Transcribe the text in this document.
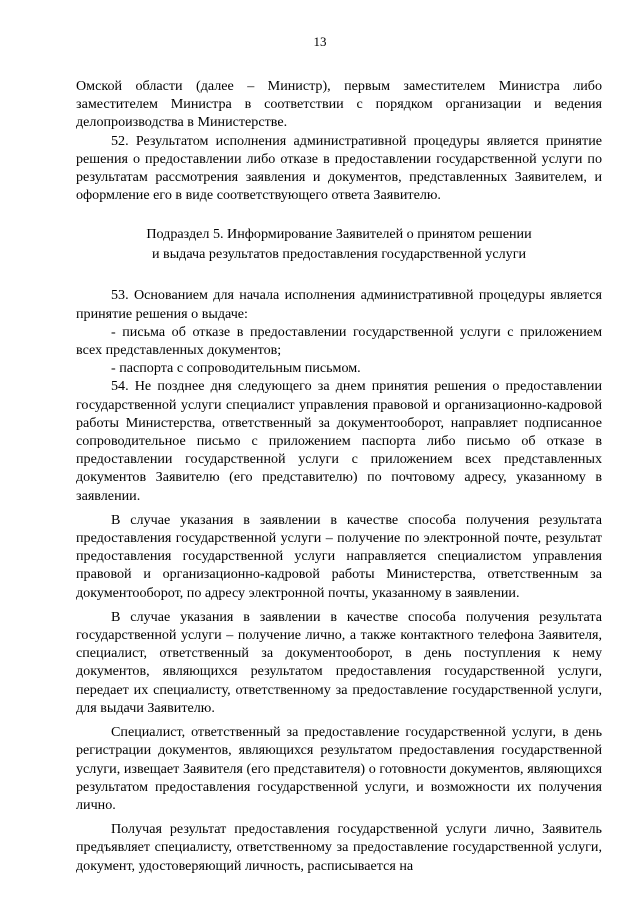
13

Омской области (далее – Министр), первым заместителем Министра либо заместителем Министра в соответствии с порядком организации и ведения делопроизводства в Министерстве.

52. Результатом исполнения административной процедуры является принятие решения о предоставлении либо отказе в предоставлении государственной услуги по результатам рассмотрения заявления и документов, представленных Заявителем, и оформление его в виде соответствующего ответа Заявителю.

Подраздел 5. Информирование Заявителей о принятом решении
и выдача результатов предоставления государственной услуги

53. Основанием для начала исполнения административной процедуры является принятие решения о выдаче:

- письма об отказе в предоставлении государственной услуги с приложением всех представленных документов;

- паспорта с сопроводительным письмом.

54. Не позднее дня следующего за днем принятия решения о предоставлении государственной услуги специалист управления правовой и организационно-кадровой работы Министерства, ответственный за документооборот, направляет подписанное сопроводительное письмо с приложением паспорта либо письмо об отказе в предоставлении государственной услуги с приложением всех представленных документов Заявителю (его представителю) по почтовому адресу, указанному в заявлении.

В случае указания в заявлении в качестве способа получения результата предоставления государственной услуги – получение по электронной почте, результат предоставления государственной услуги направляется специалистом управления правовой и организационно-кадровой работы Министерства, ответственным за документооборот, по адресу электронной почты, указанному в заявлении.

В случае указания в заявлении в качестве способа получения результата государственной услуги – получение лично, а также контактного телефона Заявителя, специалист, ответственный за документооборот, в день поступления к нему документов, являющихся результатом предоставления государственной услуги, передает их специалисту, ответственному за предоставление государственной услуги, для выдачи Заявителю.

Специалист, ответственный за предоставление государственной услуги, в день регистрации документов, являющихся результатом предоставления государственной услуги, извещает Заявителя (его представителя) о готовности документов, являющихся результатом предоставления государственной услуги, и возможности их получения лично.

Получая результат предоставления государственной услуги лично, Заявитель предъявляет специалисту, ответственному за предоставление государственной услуги, документ, удостоверяющий личность, расписывается на
